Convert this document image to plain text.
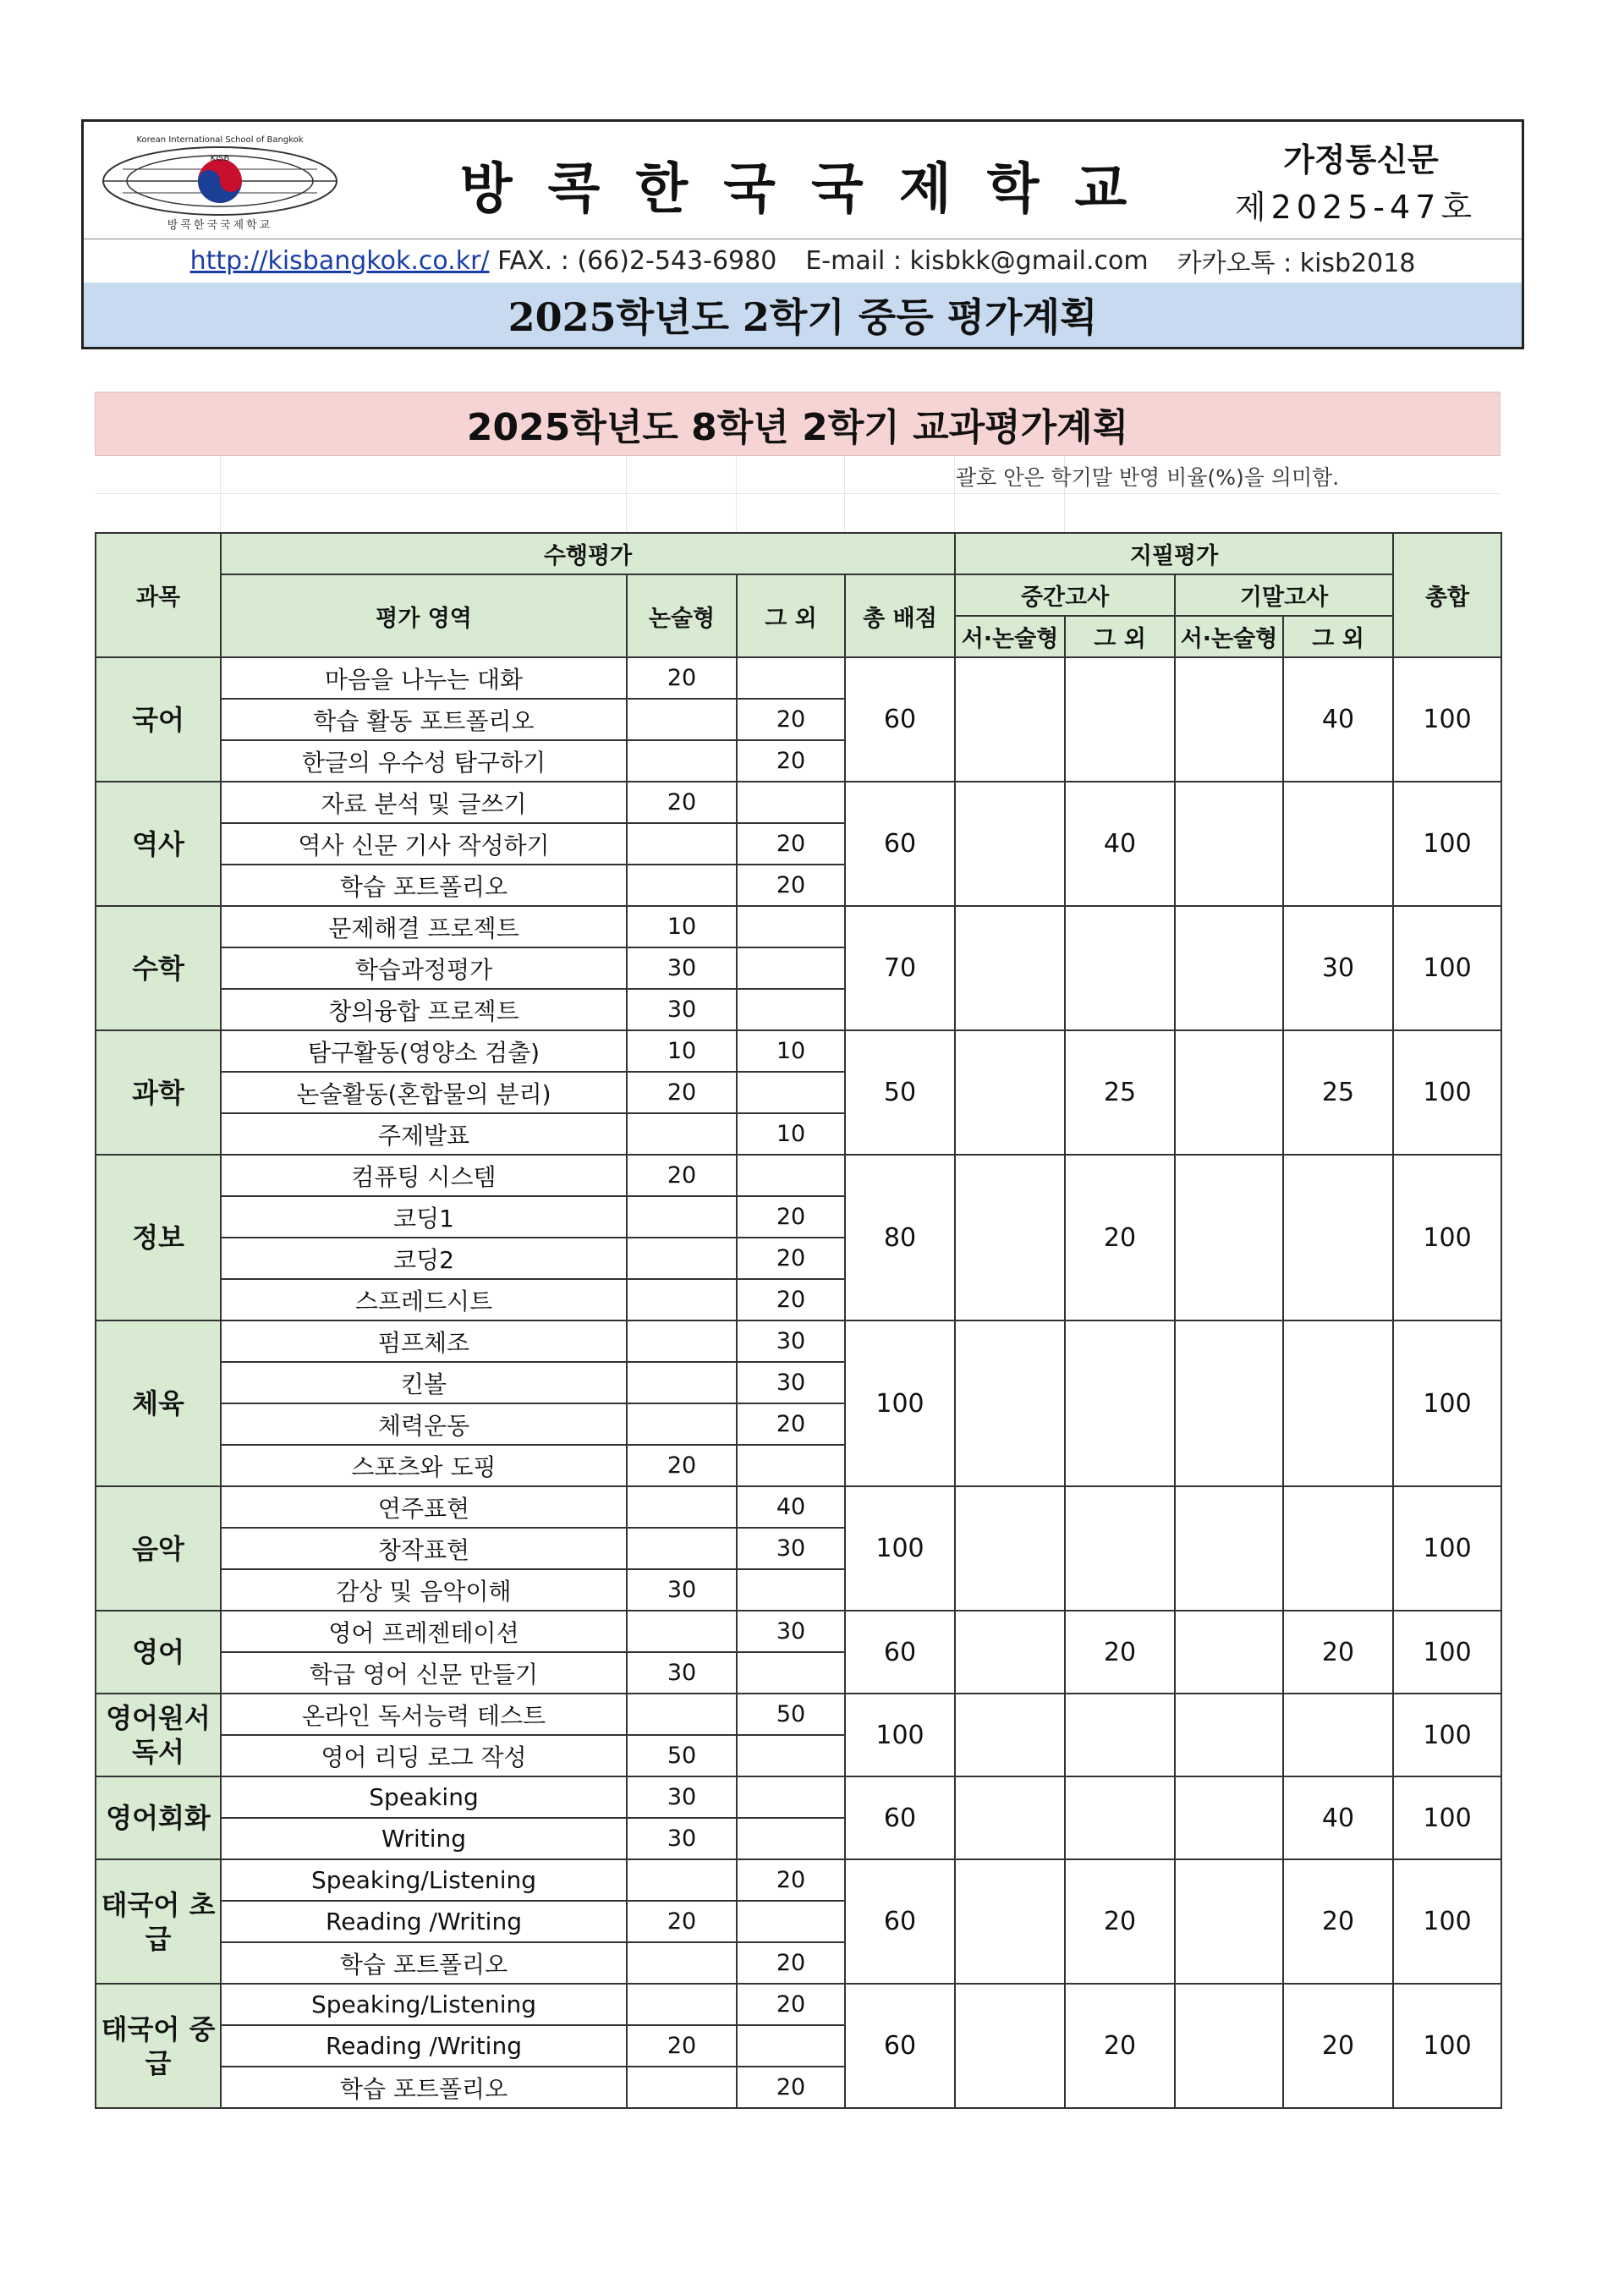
Korean International School of Bangkok
KISB
방콕한국국제학교
방콕한국국제학교	가정통신문
제2025-47호
http://kisbangkok.co.kr/ FAX. : (66)2-543-6980 E-mail : kisbkk@gmail.com 카카오톡 : kisb2018
2025학년도 2학기 중등 평가계획
2025학년도 8학년 2학기 교과평가계획
괄호 안은 학기말 반영 비율(%)을 의미함.
과목	수행평가				지필평가				총합
	평가 영역	논술형	그 외	총 배점	중간고사		기말고사		
					서·논술형	그 외	서·논술형	그 외	
국어	마음을 나누는 대화	20		60				40	100
	학습 활동 포트폴리오		20						
	한글의 우수성 탐구하기		20						
역사	자료 분석 및 글쓰기	20		60		40			100
	역사 신문 기사 작성하기		20						
	학습 포트폴리오		20						
수학	문제해결 프로젝트	10		70				30	100
	학습과정평가	30							
	창의융합 프로젝트	30							
과학	탐구활동(영양소 검출)	10	10	50		25		25	100
	논술활동(혼합물의 분리)	20							
	주제발표		10						
정보	컴퓨팅 시스템	20		80		20			100
	코딩1		20						
	코딩2		20						
	스프레드시트		20						
체육	펌프체조		30	100					100
	킨볼		30						
	체력운동		20						
	스포츠와 도핑	20							
음악	연주표현		40	100					100
	창작표현		30						
	감상 및 음악이해	30							
영어	영어 프레젠테이션		30	60		20		20	100
	학급 영어 신문 만들기	30							
영어원서 독서	온라인 독서능력 테스트		50	100					100
	영어 리딩 로그 작성	50							
영어회화	Speaking	30		60				40	100
	Writing	30							
태국어 초급	Speaking/Listening		20	60		20		20	100
	Reading /Writing	20							
	학습 포트폴리오		20						
태국어 중급	Speaking/Listening		20	60		20		20	100
	Reading /Writing	20							
	학습 포트폴리오		20						
